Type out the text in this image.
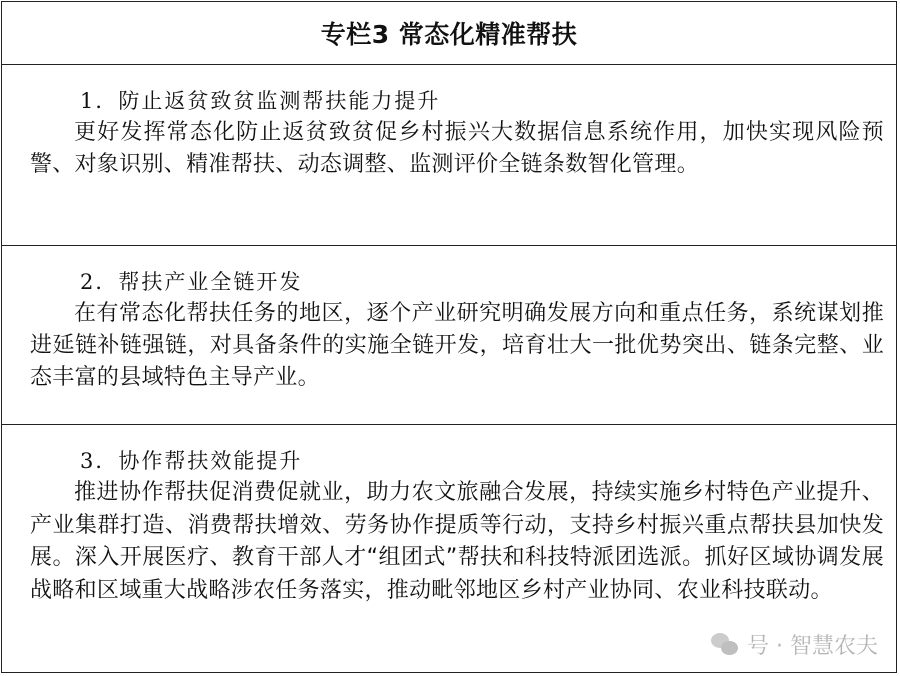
专栏3 常态化精准帮扶
1．防止返贫致贫监测帮扶能力提升
更好发挥常态化防止返贫致贫促乡村振兴大数据信息系统作用，加快实现风险预警、对象识别、精准帮扶、动态调整、监测评价全链条数智化管理。
2．帮扶产业全链开发
在有常态化帮扶任务的地区，逐个产业研究明确发展方向和重点任务，系统谋划推进延链补链强链，对具备条件的实施全链开发，培育壮大一批优势突出、链条完整、业态丰富的县域特色主导产业。
3．协作帮扶效能提升
推进协作帮扶促消费促就业，助力农文旅融合发展，持续实施乡村特色产业提升、产业集群打造、消费帮扶增效、劳务协作提质等行动，支持乡村振兴重点帮扶县加快发展。深入开展医疗、教育干部人才“组团式”帮扶和科技特派团选派。抓好区域协调发展战略和区域重大战略涉农任务落实，推动毗邻地区乡村产业协同、农业科技联动。
号 · 智慧农夫
